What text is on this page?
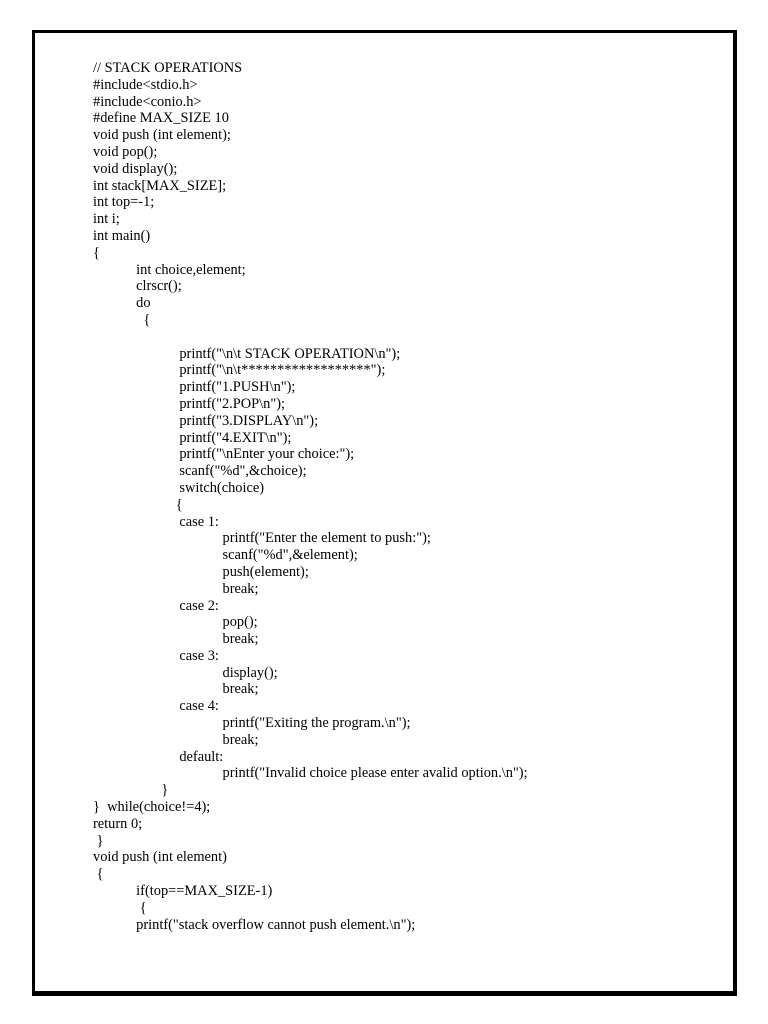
// STACK OPERATIONS
#include<stdio.h>
#include<conio.h>
#define MAX_SIZE 10
void push (int element);
void pop();
void display();
int stack[MAX_SIZE];
int top=-1;
int i;
int main()
{
int choice,element;
clrscr();
do
{
printf("\n\t STACK OPERATION\n");
printf("\n\t******************");
printf("1.PUSH\n");
printf("2.POP\n");
printf("3.DISPLAY\n");
printf("4.EXIT\n");
printf("\nEnter your choice:");
scanf("%d",&choice);
switch(choice)
{
case 1:
printf("Enter the element to push:");
scanf("%d",&element);
push(element);
break;
case 2:
pop();
break;
case 3:
display();
break;
case 4:
printf("Exiting the program.\n");
break;
default:
printf("Invalid choice please enter avalid option.\n");
}
}  while(choice!=4);
return 0;
}
void push (int element)
{
if(top==MAX_SIZE-1)
{
printf("stack overflow cannot push element.\n");
